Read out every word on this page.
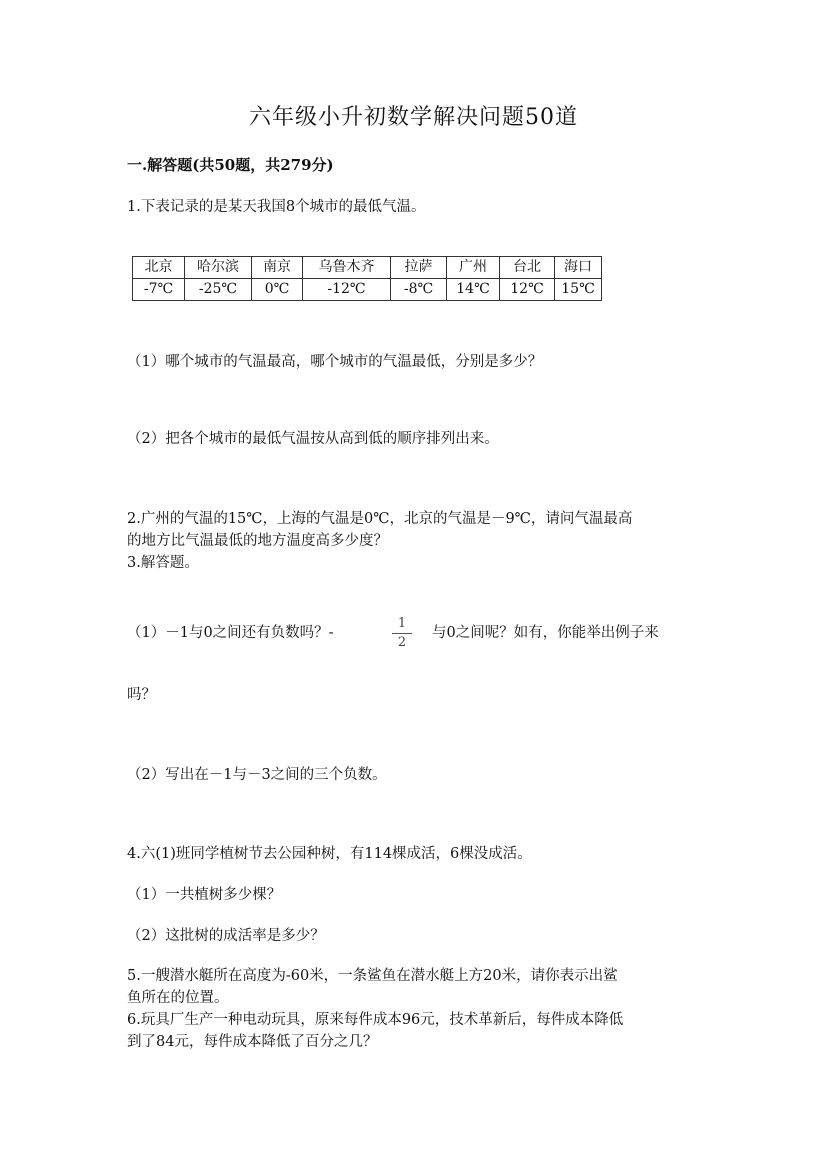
六年级小升初数学解决问题50道
一.解答题(共50题，共279分)
1.下表记录的是某天我国8个城市的最低气温。
北京	哈尔滨	南京	乌鲁木齐	拉萨	广州	台北	海口
-7℃	-25℃	0℃	-12℃	-8℃	14℃	12℃	15℃
（1）哪个城市的气温最高，哪个城市的气温最低，分别是多少？
（2）把各个城市的最低气温按从高到低的顺序排列出来。
2.广州的气温的15℃，上海的气温是0℃，北京的气温是－9℃，请问气温最高
的地方比气温最低的地方温度高多少度？
3.解答题。
（1）－1与0之间还有负数吗？-
1
2
与0之间呢？如有，你能举出例子来
吗？
（2）写出在－1与－3之间的三个负数。
4.六(1)班同学植树节去公园种树，有114棵成活，6棵没成活。
（1）一共植树多少棵？
（2）这批树的成活率是多少？
5.一艘潜水艇所在高度为-60米，一条鲨鱼在潜水艇上方20米，请你表示出鲨
鱼所在的位置。
6.玩具厂生产一种电动玩具，原来每件成本96元，技术革新后，每件成本降低
到了84元，每件成本降低了百分之几？
